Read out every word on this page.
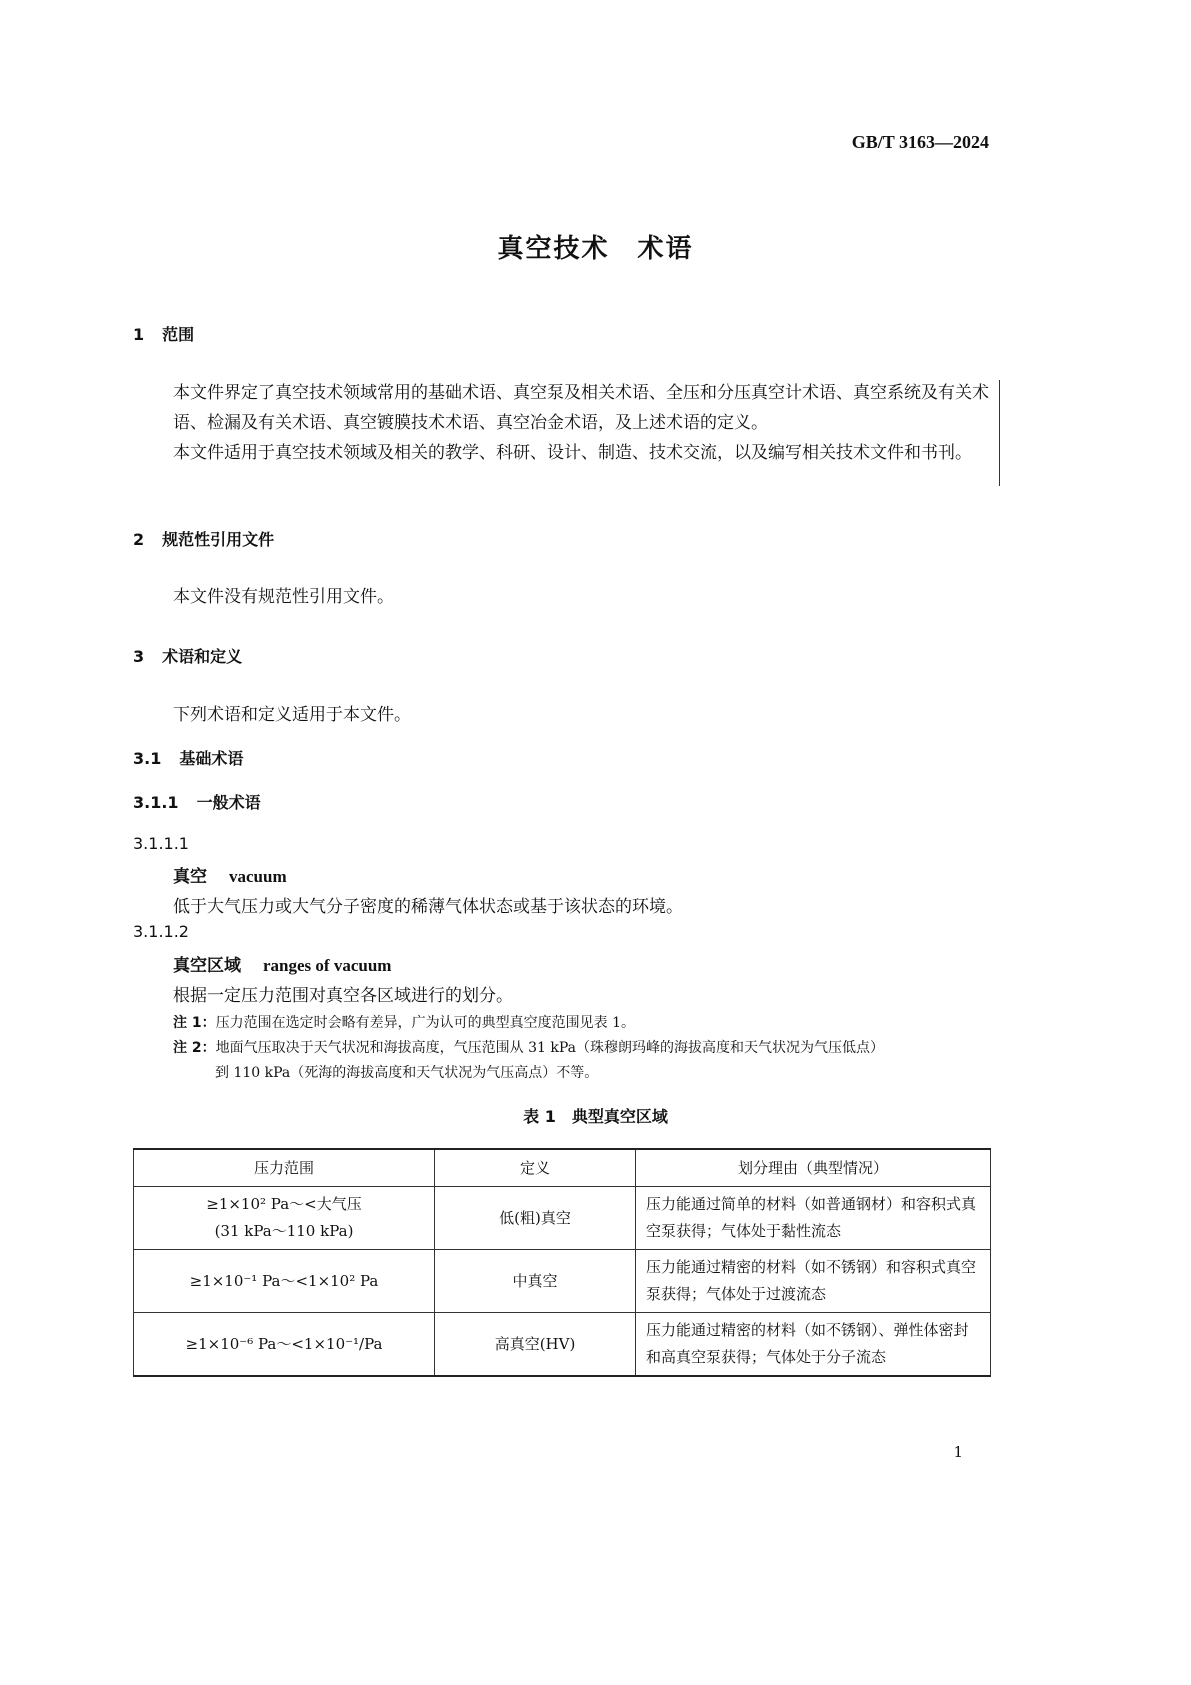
GB/T 3163—2024
真空技术　术语
1 范围
本文件界定了真空技术领域常用的基础术语、真空泵及相关术语、全压和分压真空计术语、真空系统及有关术语、检漏及有关术语、真空镀膜技术术语、真空冶金术语，及上述术语的定义。
本文件适用于真空技术领域及相关的教学、科研、设计、制造、技术交流，以及编写相关技术文件和书刊。
2 规范性引用文件
本文件没有规范性引用文件。
3 术语和定义
下列术语和定义适用于本文件。
3.1 基础术语
3.1.1 一般术语
3.1.1.1
真空 vacuum
低于大气压力或大气分子密度的稀薄气体状态或基于该状态的环境。
3.1.1.2
真空区域 ranges of vacuum
根据一定压力范围对真空各区域进行的划分。
注 1：压力范围在选定时会略有差异，广为认可的典型真空度范围见表 1。
注 2：地面气压取决于天气状况和海拔高度，气压范围从 31 kPa（珠穆朗玛峰的海拔高度和天气状况为气压低点）
到 110 kPa（死海的海拔高度和天气状况为气压高点）不等。
表 1　典型真空区域
压力范围	定义	划分理由（典型情况）

≥1×10² Pa～<大气压
(31 kPa～110 kPa)	低(粗)真空	压力能通过简单的材料（如普通钢材）和容积式真空泵获得；气体处于黏性流态
≥1×10⁻¹ Pa～<1×10² Pa	中真空	压力能通过精密的材料（如不锈钢）和容积式真空泵获得；气体处于过渡流态
≥1×10⁻⁶ Pa～<1×10⁻¹/Pa	高真空(HV)	压力能通过精密的材料（如不锈钢）、弹性体密封和高真空泵获得；气体处于分子流态
1
